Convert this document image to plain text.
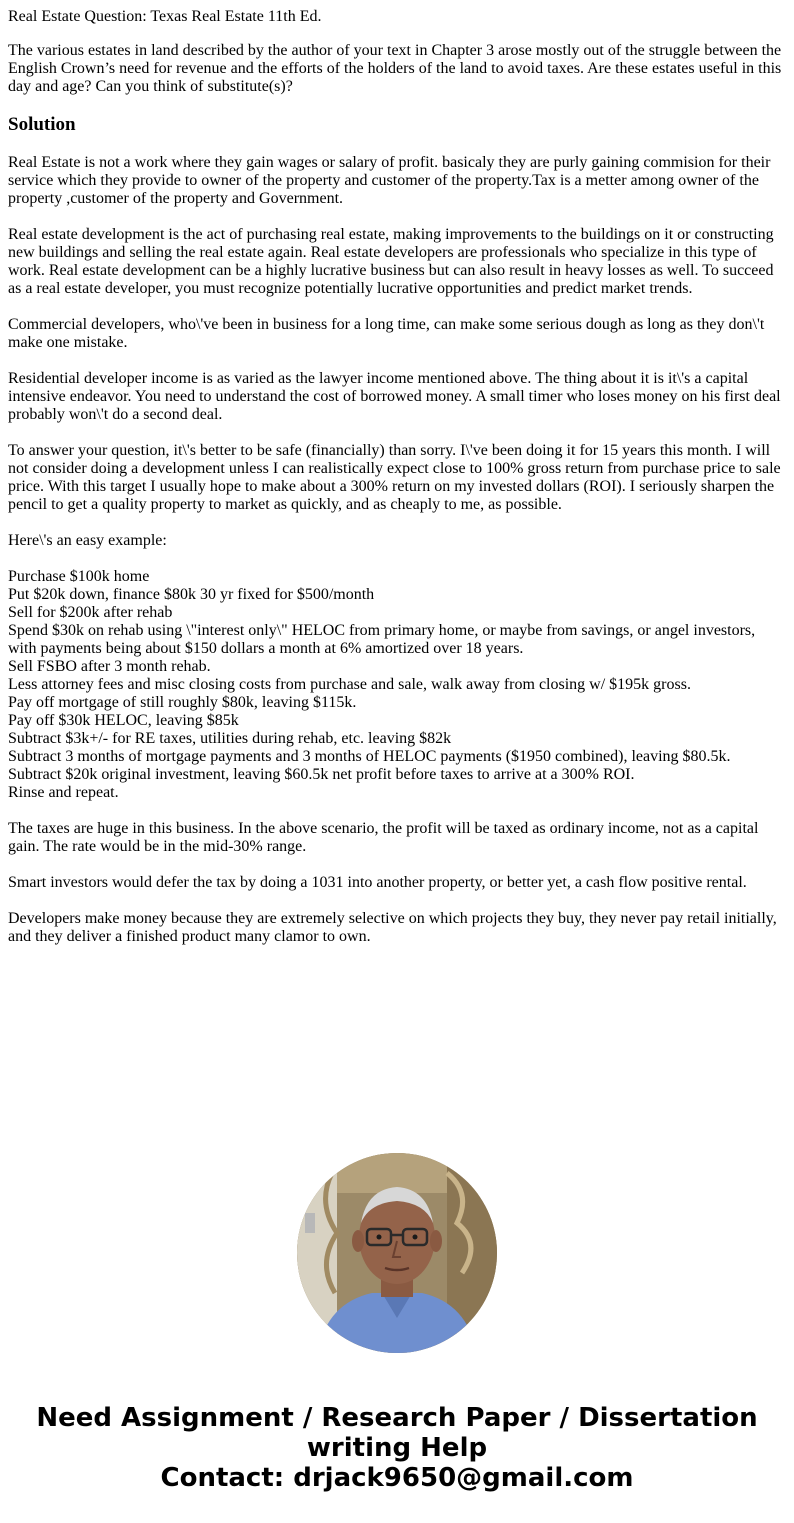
Real Estate Question: Texas Real Estate 11th Ed.
The various estates in land described by the author of your text in Chapter 3 arose mostly out of the struggle between the English Crown’s need for revenue and the efforts of the holders of the land to avoid taxes. Are these estates useful in this day and age? Can you think of substitute(s)?
Solution
Real Estate is not a work where they gain wages or salary of profit. basicaly they are purly gaining commision for their service which they provide to owner of the property and customer of the property.Tax is a metter among owner of the property ,customer of the property and Government.
Real estate development is the act of purchasing real estate, making improvements to the buildings on it or constructing new buildings and selling the real estate again. Real estate developers are professionals who specialize in this type of work. Real estate development can be a highly lucrative business but can also result in heavy losses as well. To succeed as a real estate developer, you must recognize potentially lucrative opportunities and predict market trends.
Commercial developers, who\'ve been in business for a long time, can make some serious dough as long as they don\'t make one mistake.
Residential developer income is as varied as the lawyer income mentioned above. The thing about it is it\'s a capital intensive endeavor. You need to understand the cost of borrowed money. A small timer who loses money on his first deal probably won\'t do a second deal.
To answer your question, it\'s better to be safe (financially) than sorry. I\'ve been doing it for 15 years this month. I will not consider doing a development unless I can realistically expect close to 100% gross return from purchase price to sale price. With this target I usually hope to make about a 300% return on my invested dollars (ROI). I seriously sharpen the pencil to get a quality property to market as quickly, and as cheaply to me, as possible.
Here\'s an easy example:
Purchase $100k home
Put $20k down, finance $80k 30 yr fixed for $500/month
Sell for $200k after rehab
Spend $30k on rehab using \"interest only\" HELOC from primary home, or maybe from savings, or angel investors, with payments being about $150 dollars a month at 6% amortized over 18 years.
Sell FSBO after 3 month rehab.
Less attorney fees and misc closing costs from purchase and sale, walk away from closing w/ $195k gross.
Pay off mortgage of still roughly $80k, leaving $115k.
Pay off $30k HELOC, leaving $85k
Subtract $3k+/- for RE taxes, utilities during rehab, etc. leaving $82k
Subtract 3 months of mortgage payments and 3 months of HELOC payments ($1950 combined), leaving $80.5k.
Subtract $20k original investment, leaving $60.5k net profit before taxes to arrive at a 300% ROI.
Rinse and repeat.
The taxes are huge in this business. In the above scenario, the profit will be taxed as ordinary income, not as a capital gain. The rate would be in the mid-30% range.
Smart investors would defer the tax by doing a 1031 into another property, or better yet, a cash flow positive rental.
Developers make money because they are extremely selective on which projects they buy, they never pay retail initially, and they deliver a finished product many clamor to own.
Need Assignment / Research Paper / Dissertation
writing Help
Contact: drjack9650@gmail.com
